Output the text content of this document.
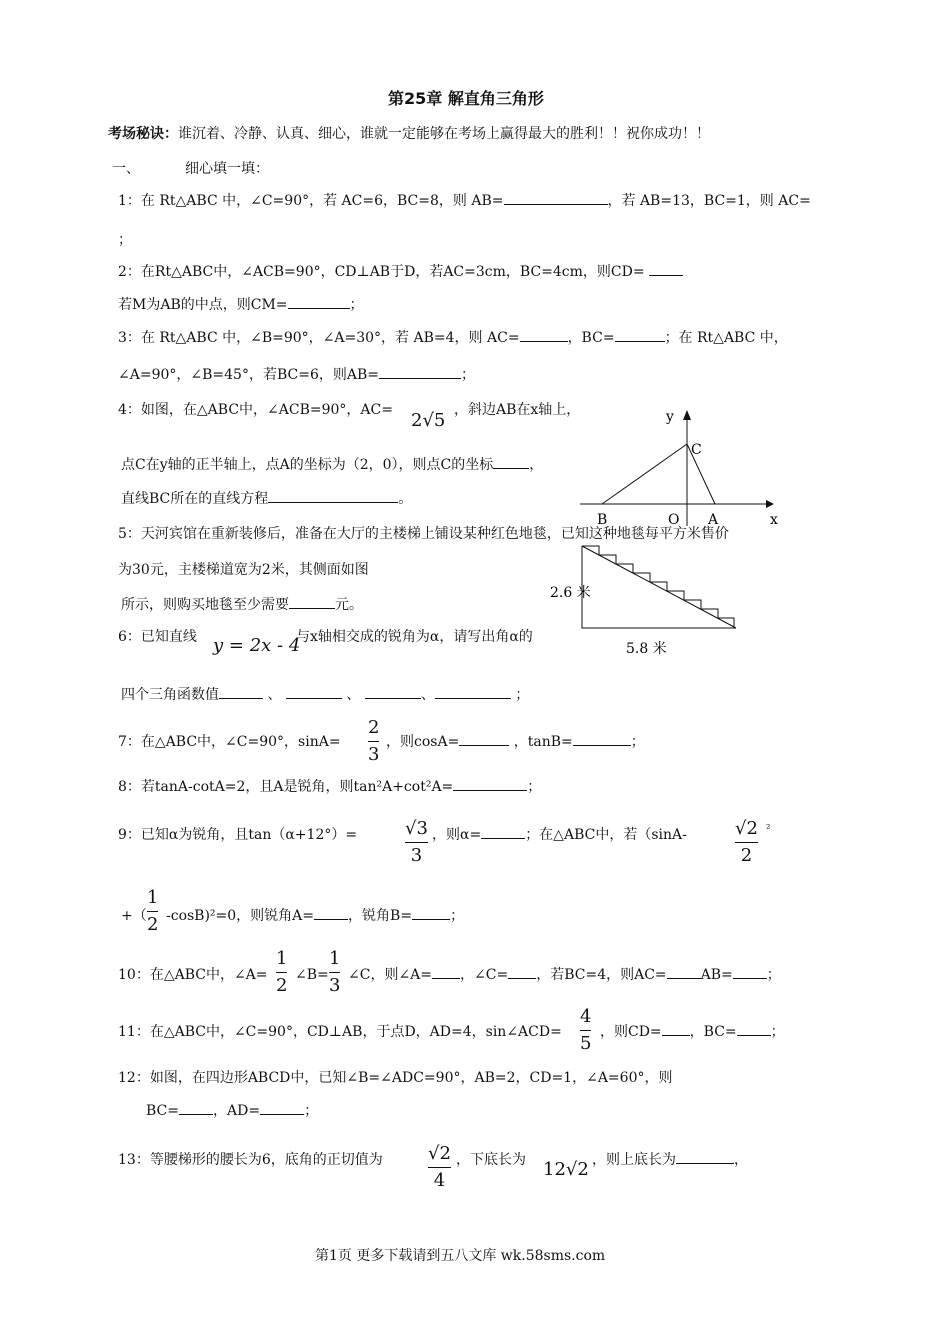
第25章 解直角三角形
考场秘诀：谁沉着、冷静、认真、细心，谁就一定能够在考场上赢得最大的胜利！！祝你成功！！
一、	细心填一填：
1：在 Rt△ABC 中，∠C=90°，若 AC=6，BC=8，则 AB=	，若 AB=13，BC=1，则 AC=
；
2：在Rt△ABC中，∠ACB=90°，CD⊥AB于D，若AC=3cm，BC=4cm，则CD=
若M为AB的中点，则CM=	；
3：在 Rt△ABC 中，∠B=90°，∠A=30°，若 AB=4，则 AC=	，BC=	；在 Rt△ABC 中，
∠A=90°，∠B=45°，若BC=6，则AB=	；
4：如图，在△ABC中，∠ACB=90°，AC= 2√5 ，斜边AB在x轴上，
点C在y轴的正半轴上，点A的坐标为（2，0），则点C的坐标	，
直线BC所在的直线方程	。
y
x
C
B	O A
5：天河宾馆在重新装修后，准备在大厅的主楼梯上铺设某种红色地毯，已知这种地毯每平方米售价
为30元，主楼梯道宽为2米，其侧面如图
所示，则购买地毯至少需要	元。
2.6 米
5.8 米
6：已知直线 y = 2x - 4
与x轴相交成的锐角为α，请写出角α的
四个三角函数值	、	、	、	；
7：在△ABC中，∠C=90°，sinA=
2
3
，则cosA=	，tanB=	；
8：若tanA-cotA=2，且A是锐角，则tan²A+cot²A=	；
9：已知α为锐角，且tan（α+12°）=	√3
3
，则α=	；在△ABC中，若（sinA-	√2
2
²
+（
1
2 -cosB)²=0，则锐角A= ，锐角B=	；
10：在△ABC中，∠A=
1
2 ∠B=
1
3 ∠C，则∠A= ，∠C= ，若BC=4，则AC= AB= ；
11：在△ABC中，∠C=90°，CD⊥AB，于点D，AD=4，sin∠ACD=
4
5
，则CD= ，BC= ；
12：如图，在四边形ABCD中，已知∠B=∠ADC=90°，AB=2，CD=1，∠A=60°，则
BC= ，AD=	；
13：等腰梯形的腰长为6，底角的正切值为	√2
4
，下底长为 12√2 ，则上底长为	，
第1页 更多下载请到五八文库 wk.58sms.com
